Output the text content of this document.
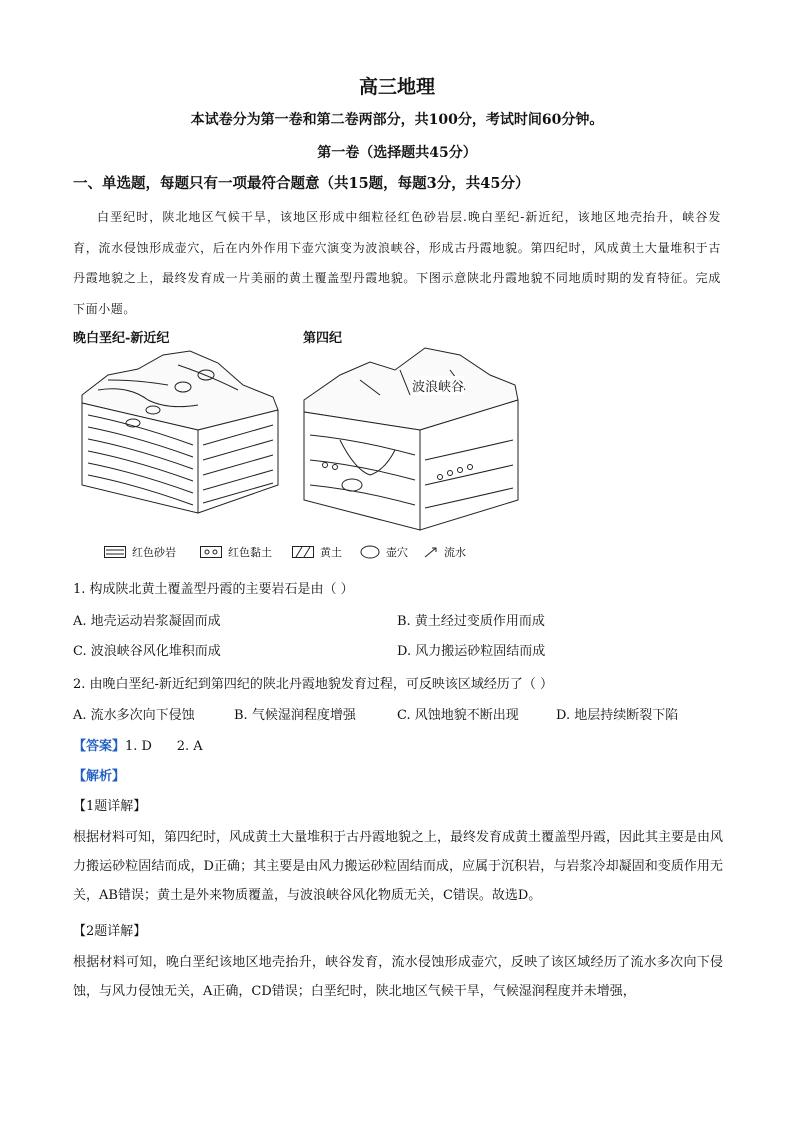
高三地理
本试卷分为第一卷和第二卷两部分，共100分，考试时间60分钟。
第一卷（选择题共45分）
一、单选题，每题只有一项最符合题意（共15题，每题3分，共45分）
白垩纪时，陕北地区气候干旱，该地区形成中细粒径红色砂岩层.晚白垩纪-新近纪，该地区地壳抬升，峡谷发育，流水侵蚀形成壶穴，后在内外作用下壶穴演变为波浪峡谷，形成古丹霞地貌。第四纪时，风成黄土大量堆积于古丹霞地貌之上，最终发育成一片美丽的黄土覆盖型丹霞地貌。下图示意陕北丹霞地貌不同地质时期的发育特征。完成下面小题。
晚白垩纪-新近纪	第四纪
波浪峡谷
红色砂岩	红色黏土	黄土	壶穴	流水
1. 构成陕北黄土覆盖型丹霞的主要岩石是由（ ）
A. 地壳运动岩浆凝固而成	B. 黄土经过变质作用而成
C. 波浪峡谷风化堆积而成	D. 风力搬运砂粒固结而成
2. 由晚白垩纪-新近纪到第四纪的陕北丹霞地貌发育过程，可反映该区域经历了（ ）
A. 流水多次向下侵蚀	B. 气候湿润程度增强	C. 风蚀地貌不断出现	D. 地层持续断裂下陷
【答案】1. D      2. A
【解析】
【1题详解】
根据材料可知，第四纪时，风成黄土大量堆积于古丹霞地貌之上，最终发育成黄土覆盖型丹霞，因此其主要是由风力搬运砂粒固结而成，D正确；其主要是由风力搬运砂粒固结而成，应属于沉积岩，与岩浆冷却凝固和变质作用无关，AB错误；黄土是外来物质覆盖，与波浪峡谷风化物质无关，C错误。故选D。
【2题详解】
根据材料可知，晚白垩纪该地区地壳抬升，峡谷发育，流水侵蚀形成壶穴，反映了该区域经历了流水多次向下侵蚀，与风力侵蚀无关，A正确，CD错误；白垩纪时，陕北地区气候干旱，气候湿润程度并未增强，
